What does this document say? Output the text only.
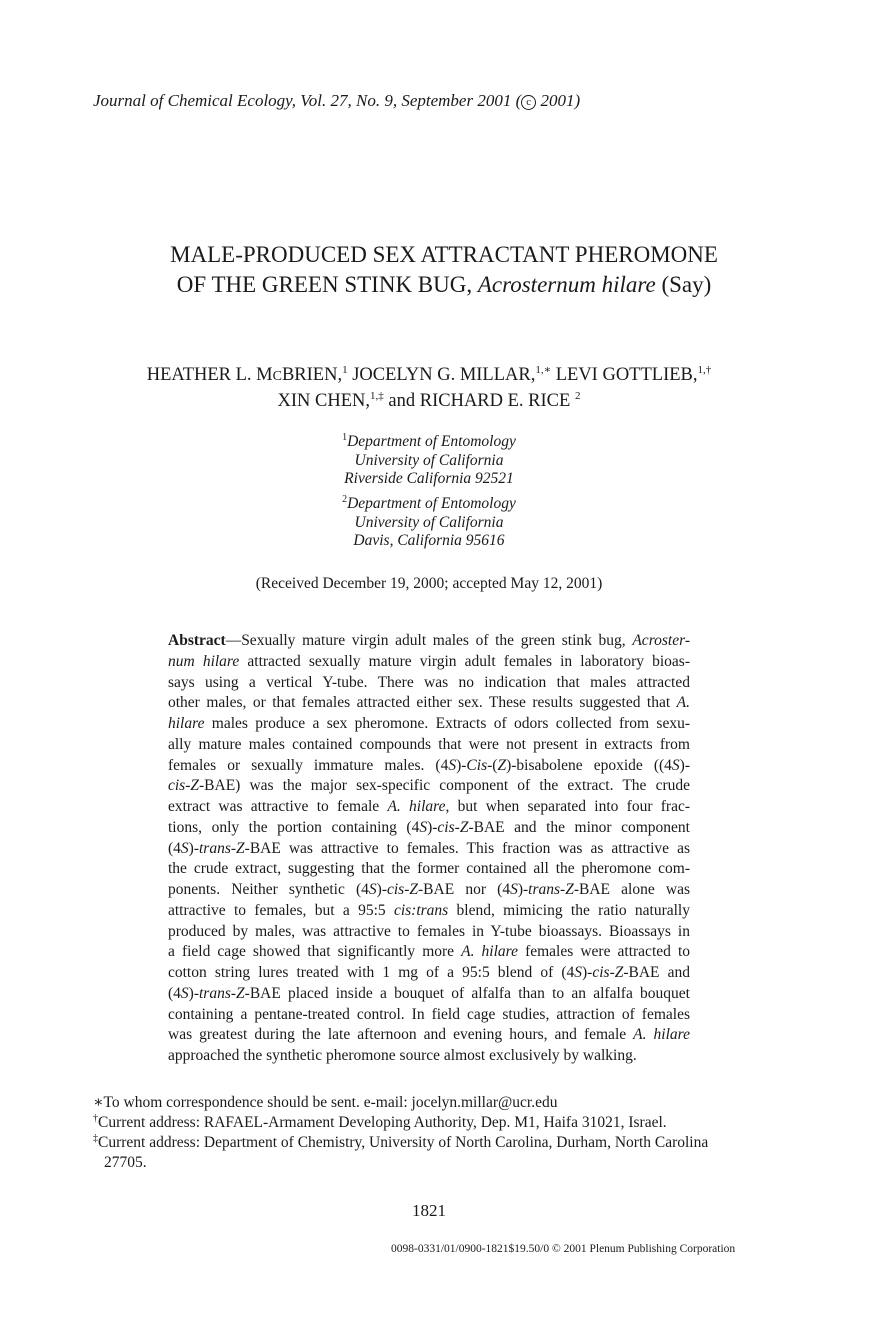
Journal of Chemical Ecology, Vol. 27, No. 9, September 2001 ( c 2001)
MALE-PRODUCED SEX ATTRACTANT PHEROMONE
OF THE GREEN STINK BUG, Acrosternum hilare (Say)
HEATHER L. MCBRIEN,$^1$ JOCELYN G. MILLAR,$^{1,∗}$ LEVI GOTTLIEB,$^{1,\dagger}$
XIN CHEN,$^{1,\ddagger}$ and RICHARD E. RICE $^2$
$^1$Department of Entomology
University of California
Riverside California 92521
$^2$Department of Entomology
University of California
Davis, California 95616
(Received December 19, 2000; accepted May 12, 2001)
Abstract—Sexually mature virgin adult males of the green stink bug, Acroster-
num hilare attracted sexually mature virgin adult females in laboratory bioas-
says using a vertical Y-tube. There was no indication that males attracted
other males, or that females attracted either sex. These results suggested that A.
hilare males produce a sex pheromone. Extracts of odors collected from sexu-
ally mature males contained compounds that were not present in extracts from
females or sexually immature males. (4S)-Cis-(Z)-bisabolene epoxide ((4S)-
cis-Z-BAE) was the major sex-specific component of the extract. The crude
extract was attractive to female A. hilare, but when separated into four frac-
tions, only the portion containing (4S)-cis-Z-BAE and the minor component
(4S)-trans-Z-BAE was attractive to females. This fraction was as attractive as
the crude extract, suggesting that the former contained all the pheromone com-
ponents. Neither synthetic (4S)-cis-Z-BAE nor (4S)-trans-Z-BAE alone was
attractive to females, but a 95:5 cis:trans blend, mimicing the ratio naturally
produced by males, was attractive to females in Y-tube bioassays. Bioassays in
a field cage showed that significantly more A. hilare females were attracted to
cotton string lures treated with 1 mg of a 95:5 blend of (4S)-cis-Z-BAE and
(4S)-trans-Z-BAE placed inside a bouquet of alfalfa than to an alfalfa bouquet
containing a pentane-treated control. In field cage studies, attraction of females
was greatest during the late afternoon and evening hours, and female A. hilare
approached the synthetic pheromone source almost exclusively by walking.
∗To whom correspondence should be sent. e-mail: jocelyn.millar@ucr.edu
†Current address: RAFAEL-Armament Developing Authority, Dep. M1, Haifa 31021, Israel.
‡Current address: Department of Chemistry, University of North Carolina, Durham, North Carolina
27705.
1821
0098-0331/01/0900-1821$19.50/0 © 2001 Plenum Publishing Corporation
